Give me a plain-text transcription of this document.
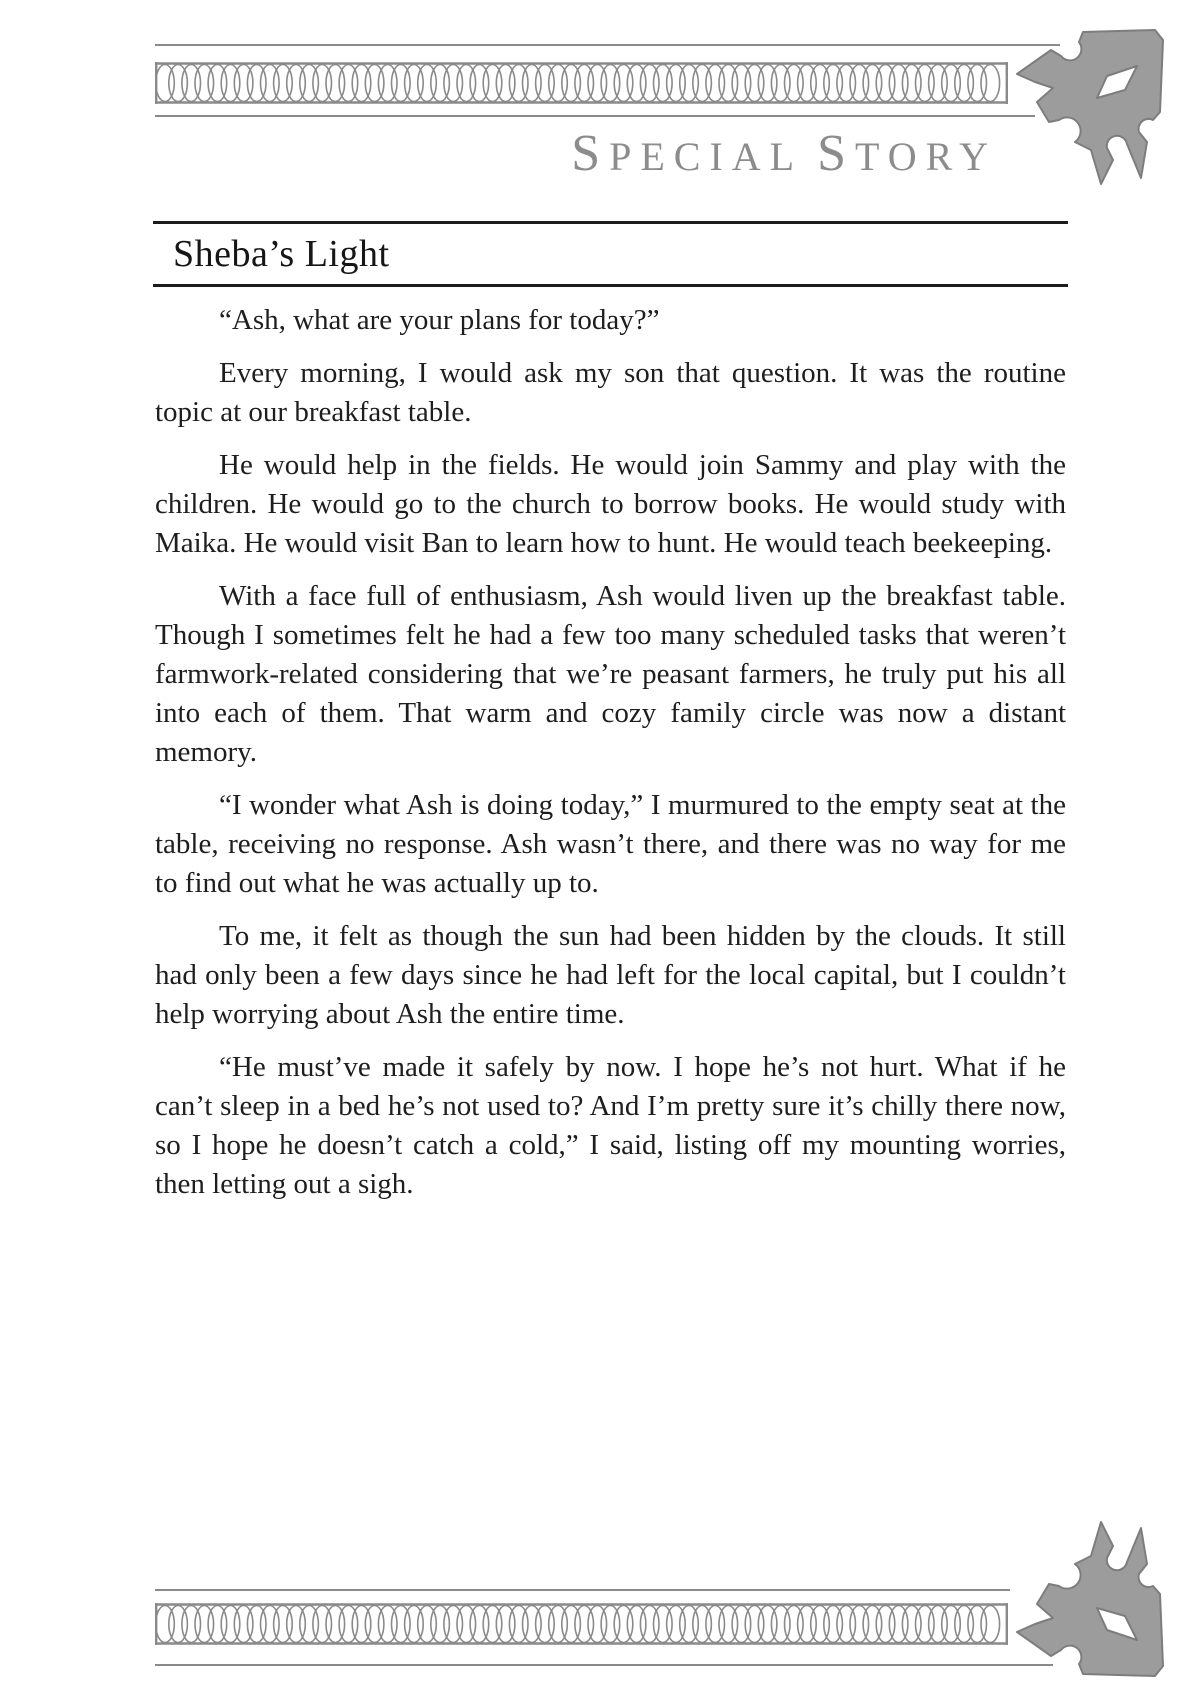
SPECIAL STORY
Sheba’s Light

“Ash, what are your plans for today?”

Every morning, I would ask my son that question. It was the routine topic at our breakfast table.

He would help in the fields. He would join Sammy and play with the children. He would go to the church to borrow books. He would study with Maika. He would visit Ban to learn how to hunt. He would teach beekeeping.

With a face full of enthusiasm, Ash would liven up the breakfast table. Though I sometimes felt he had a few too many scheduled tasks that weren’t farmwork-related considering that we’re peasant farmers, he truly put his all into each of them. That warm and cozy family circle was now a distant memory.

“I wonder what Ash is doing today,” I murmured to the empty seat at the table, receiving no response. Ash wasn’t there, and there was no way for me to find out what he was actually up to.

To me, it felt as though the sun had been hidden by the clouds. It still had only been a few days since he had left for the local capital, but I couldn’t help worrying about Ash the entire time.

“He must’ve made it safely by now. I hope he’s not hurt. What if he can’t sleep in a bed he’s not used to? And I’m pretty sure it’s chilly there now, so I hope he doesn’t catch a cold,” I said, listing off my mounting worries, then letting out a sigh.
